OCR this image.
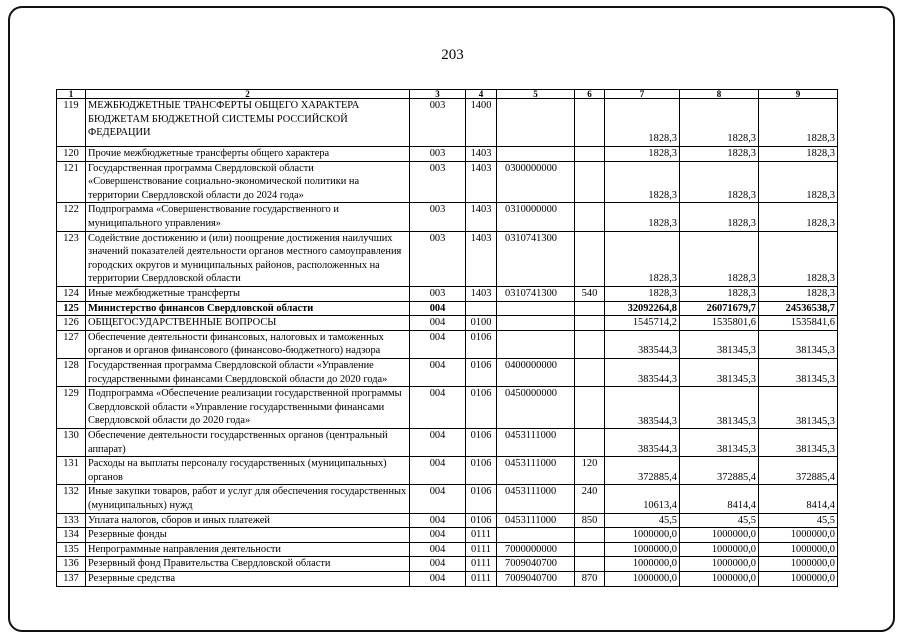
203
1	2	3	4	5	6	7	8	9
119	МЕЖБЮДЖЕТНЫЕ ТРАНСФЕРТЫ ОБЩЕГО ХАРАКТЕРА БЮДЖЕТАМ БЮДЖЕТНОЙ СИСТЕМЫ РОССИЙСКОЙ ФЕДЕРАЦИИ	003	1400			1828,3	1828,3	1828,3
120	Прочие межбюджетные трансферты общего характера	003	1403			1828,3	1828,3	1828,3
121	Государственная программа Свердловской области «Совершенствование социально-экономической политики на территории Свердловской области до 2024 года»	003	1403	0300000000		1828,3	1828,3	1828,3
122	Подпрограмма «Совершенствование государственного и муниципального управления»	003	1403	0310000000		1828,3	1828,3	1828,3
123	Содействие достижению и (или) поощрение достижения наилучших значений показателей деятельности органов местного самоуправления городских округов и муниципальных районов, расположенных на территории Свердловской области	003	1403	0310741300		1828,3	1828,3	1828,3
124	Иные межбюджетные трансферты	003	1403	0310741300	540	1828,3	1828,3	1828,3
125	Министерство финансов Свердловской области	004				32092264,8	26071679,7	24536538,7
126	ОБЩЕГОСУДАРСТВЕННЫЕ ВОПРОСЫ	004	0100			1545714,2	1535801,6	1535841,6
127	Обеспечение деятельности финансовых, налоговых и таможенных органов и органов финансового (финансово-бюджетного) надзора	004	0106			383544,3	381345,3	381345,3
128	Государственная программа Свердловской области «Управление государственными финансами Свердловской области до 2020 года»	004	0106	0400000000		383544,3	381345,3	381345,3
129	Подпрограмма «Обеспечение реализации государственной программы Свердловской области «Управление государственными финансами Свердловской области до 2020 года»	004	0106	0450000000		383544,3	381345,3	381345,3
130	Обеспечение деятельности государственных органов (центральный аппарат)	004	0106	0453111000		383544,3	381345,3	381345,3
131	Расходы на выплаты персоналу государственных (муниципальных) органов	004	0106	0453111000	120	372885,4	372885,4	372885,4
132	Иные закупки товаров, работ и услуг для обеспечения государственных (муниципальных) нужд	004	0106	0453111000	240	10613,4	8414,4	8414,4
133	Уплата налогов, сборов и иных платежей	004	0106	0453111000	850	45,5	45,5	45,5
134	Резервные фонды	004	0111			1000000,0	1000000,0	1000000,0
135	Непрограммные направления деятельности	004	0111	7000000000		1000000,0	1000000,0	1000000,0
136	Резервный фонд Правительства Свердловской области	004	0111	7009040700		1000000,0	1000000,0	1000000,0
137	Резервные средства	004	0111	7009040700	870	1000000,0	1000000,0	1000000,0
